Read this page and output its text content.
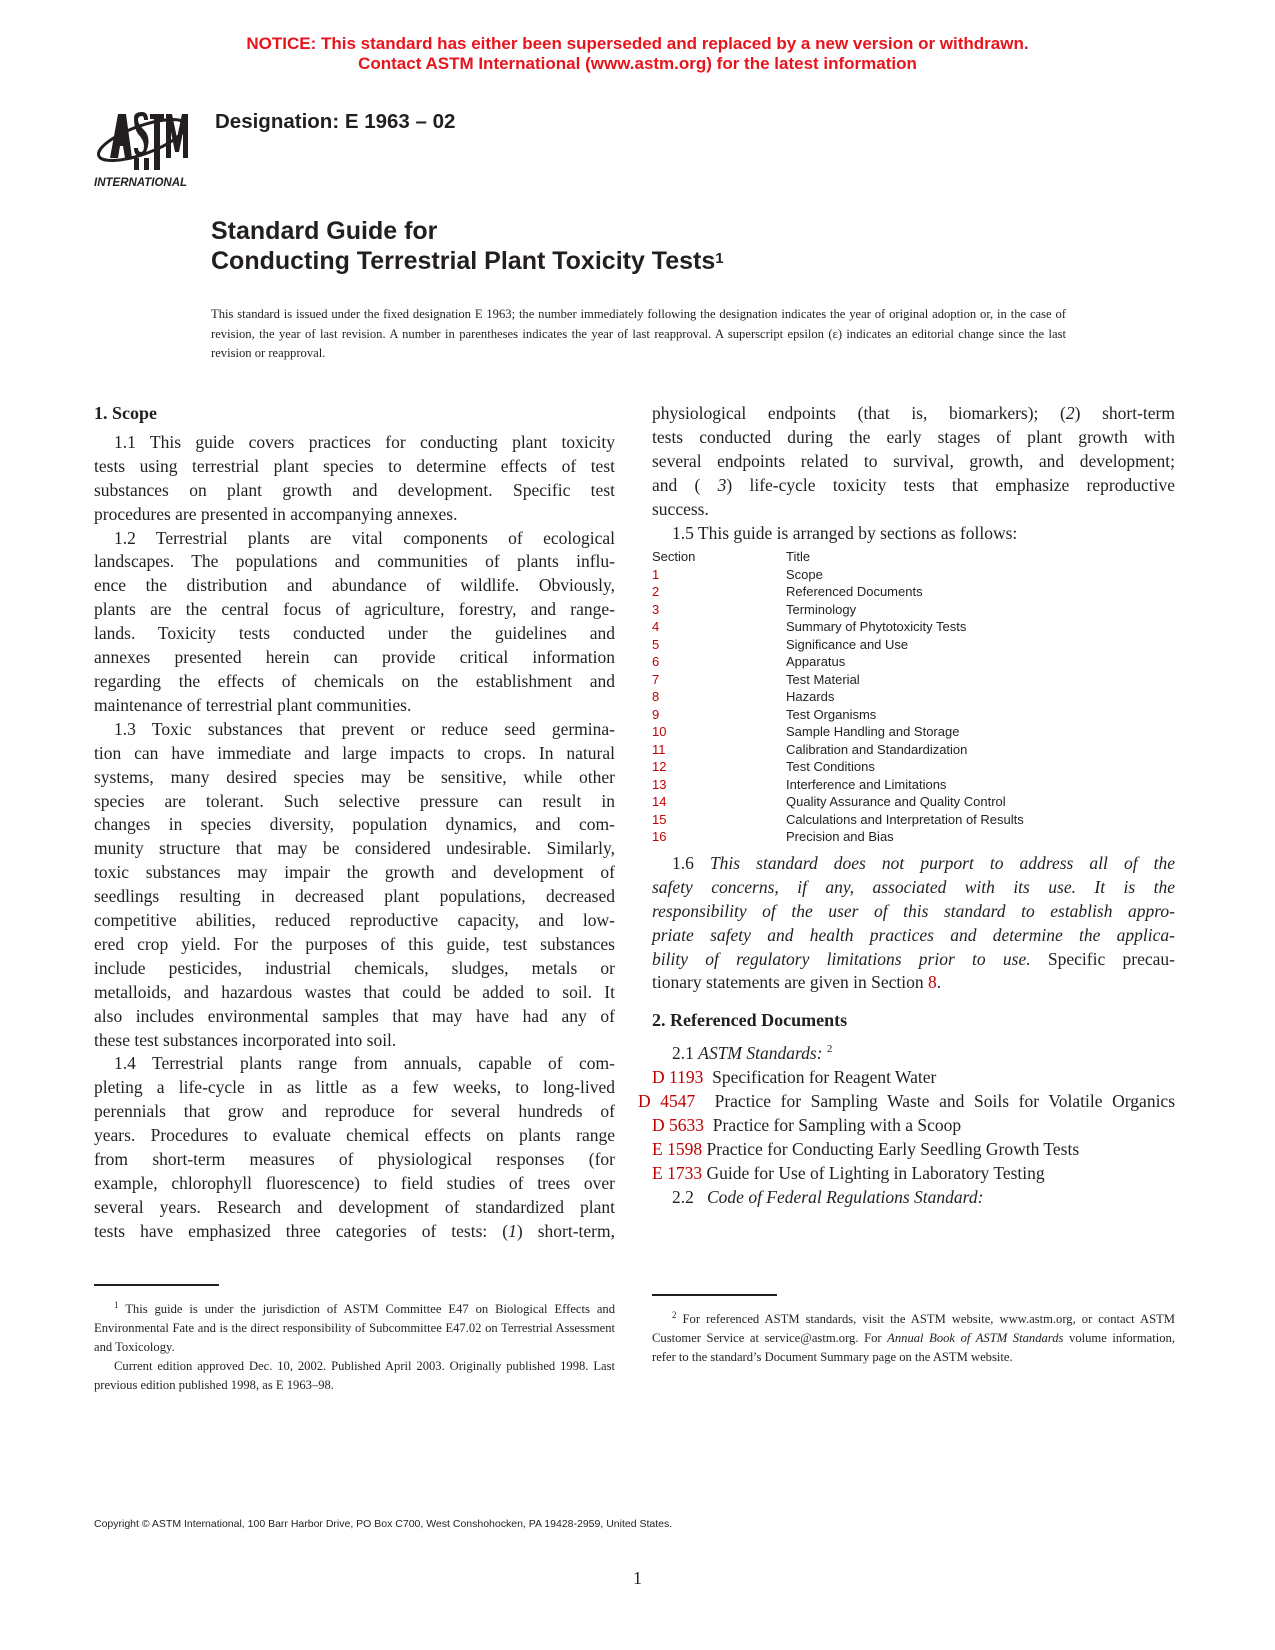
NOTICE: This standard has either been superseded and replaced by a new version or withdrawn.
Contact ASTM International (www.astm.org) for the latest information
INTERNATIONAL
Designation: E 1963 – 02
Standard Guide for
Conducting Terrestrial Plant Toxicity Tests$^1$
This standard is issued under the fixed designation E 1963; the number immediately following the designation indicates the year of original adoption or, in the case of revision, the year of last revision. A number in parentheses indicates the year of last reapproval. A superscript epsilon (ε) indicates an editorial change since the last revision or reapproval.
1. Scope
1.1 This guide covers practices for conducting plant toxicity
tests using terrestrial plant species to determine effects of test
substances on plant growth and development. Specific test
procedures are presented in accompanying annexes.
1.2 Terrestrial plants are vital components of ecological
landscapes. The populations and communities of plants influ-
ence the distribution and abundance of wildlife. Obviously,
plants are the central focus of agriculture, forestry, and range-
lands. Toxicity tests conducted under the guidelines and
annexes presented herein can provide critical information
regarding the effects of chemicals on the establishment and
maintenance of terrestrial plant communities.
1.3 Toxic substances that prevent or reduce seed germina-
tion can have immediate and large impacts to crops. In natural
systems, many desired species may be sensitive, while other
species are tolerant. Such selective pressure can result in
changes in species diversity, population dynamics, and com-
munity structure that may be considered undesirable. Similarly,
toxic substances may impair the growth and development of
seedlings resulting in decreased plant populations, decreased
competitive abilities, reduced reproductive capacity, and low-
ered crop yield. For the purposes of this guide, test substances
include pesticides, industrial chemicals, sludges, metals or
metalloids, and hazardous wastes that could be added to soil. It
also includes environmental samples that may have had any of
these test substances incorporated into soil.
1.4 Terrestrial plants range from annuals, capable of com-
pleting a life-cycle in as little as a few weeks, to long-lived
perennials that grow and reproduce for several hundreds of
years. Procedures to evaluate chemical effects on plants range
from short-term measures of physiological responses (for
example, chlorophyll fluorescence) to field studies of trees over
several years. Research and development of standardized plant
tests have emphasized three categories of tests: (1) short-term,
$^1$ This guide is under the jurisdiction of ASTM Committee E47 on Biological Effects and Environmental Fate and is the direct responsibility of Subcommittee E47.02 on Terrestrial Assessment and Toxicology.
Current edition approved Dec. 10, 2002. Published April 2003. Originally published 1998. Last previous edition published 1998, as E 1963–98.
physiological endpoints (that is, biomarkers); (2) short-term
tests conducted during the early stages of plant growth with
several endpoints related to survival, growth, and development;
and ( 3) life-cycle toxicity tests that emphasize reproductive
success.
1.5 This guide is arranged by sections as follows:
Section	Title
1	Scope
2	Referenced Documents
3	Terminology
4	Summary of Phytotoxicity Tests
5	Significance and Use
6	Apparatus
7	Test Material
8	Hazards
9	Test Organisms
10	Sample Handling and Storage
11	Calibration and Standardization
12	Test Conditions
13	Interference and Limitations
14	Quality Assurance and Quality Control
15	Calculations and Interpretation of Results
16	Precision and Bias
1.6 This standard does not purport to address all of the
safety concerns, if any, associated with its use. It is the
responsibility of the user of this standard to establish appro-
priate safety and health practices and determine the applica-
bility of regulatory limitations prior to use. Specific precau-
tionary statements are given in Section 8.
2. Referenced Documents
2.1 ASTM Standards: $^2$
D 1193 Specification for Reagent Water
D 4547 Practice for Sampling Waste and Soils for Volatile Organics
D 5633 Practice for Sampling with a Scoop
E 1598 Practice for Conducting Early Seedling Growth Tests
E 1733 Guide for Use of Lighting in Laboratory Testing
2.2   Code of Federal Regulations Standard:
$^2$ For referenced ASTM standards, visit the ASTM website, www.astm.org, or contact ASTM Customer Service at service@astm.org. For Annual Book of ASTM Standards volume information, refer to the standard’s Document Summary page on the ASTM website.
Copyright © ASTM International, 100 Barr Harbor Drive, PO Box C700, West Conshohocken, PA 19428-2959, United States.
1
